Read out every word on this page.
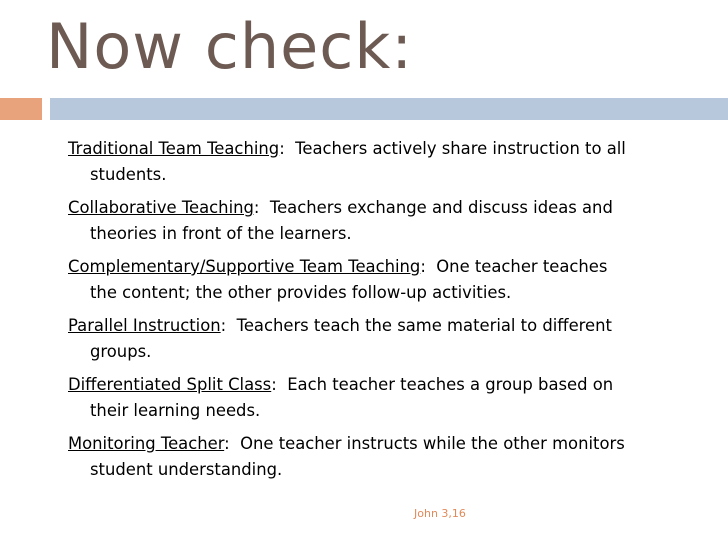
Now check:
Traditional Team Teaching:  Teachers actively share instruction to all
students.
Collaborative Teaching:  Teachers exchange and discuss ideas and
theories in front of the learners.
Complementary/Supportive Team Teaching:  One teacher teaches
the content; the other provides follow-up activities.
Parallel Instruction:  Teachers teach the same material to different
groups.
Differentiated Split Class:  Each teacher teaches a group based on
their learning needs.
Monitoring Teacher:  One teacher instructs while the other monitors
student understanding.
John 3,16
